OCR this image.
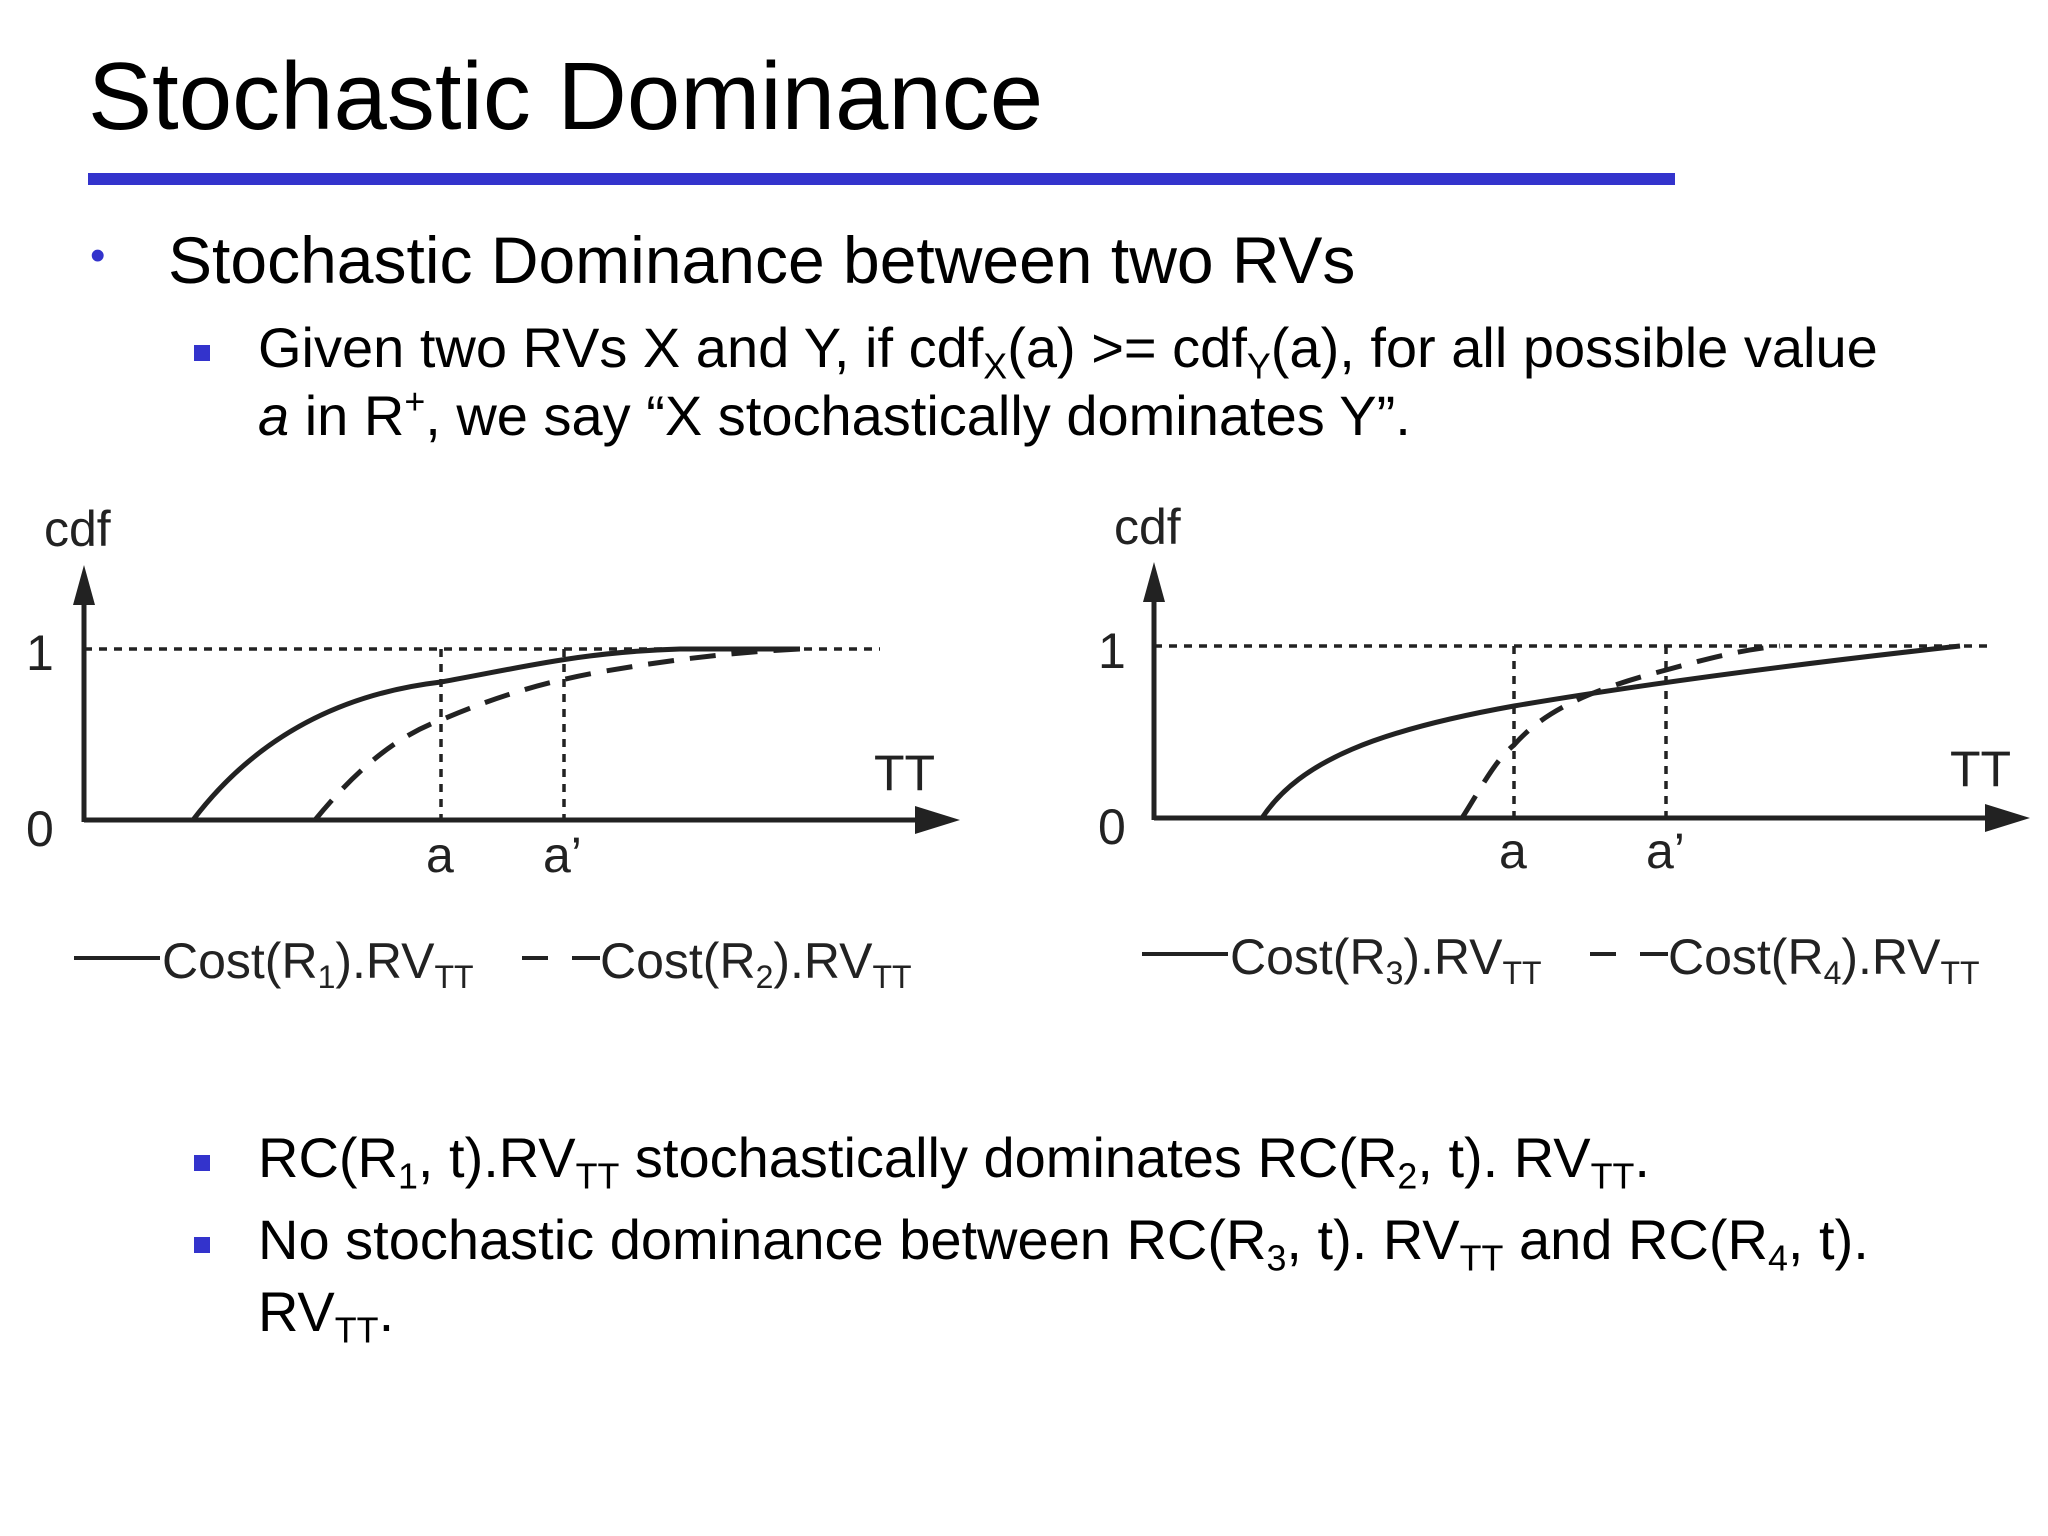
Stochastic Dominance
• Stochastic Dominance between two RVs
Given two RVs X and Y, if cdf$_X$(a) >= cdf$_Y$(a), for all possible value
a in R+, we say “X stochastically dominates Y”.
cdf
1
0
TT
a a’
$Cost(R_1).RV_{TT}$	$Cost(R_2).RV_{TT}$
cdf
1
0
TT
a a’
$Cost(R_3).RV_{TT}$	$Cost(R_4).RV_{TT}$
$RC(R_1$, $t).RV_{TT}$ stochastically dominates $RC(R_2$, t). $RV_{TT}$.
No stochastic dominance between $RC(R_3$, t). $RV_{TT}$ and $RC(R_4$, t).
$RV_{TT}$.
